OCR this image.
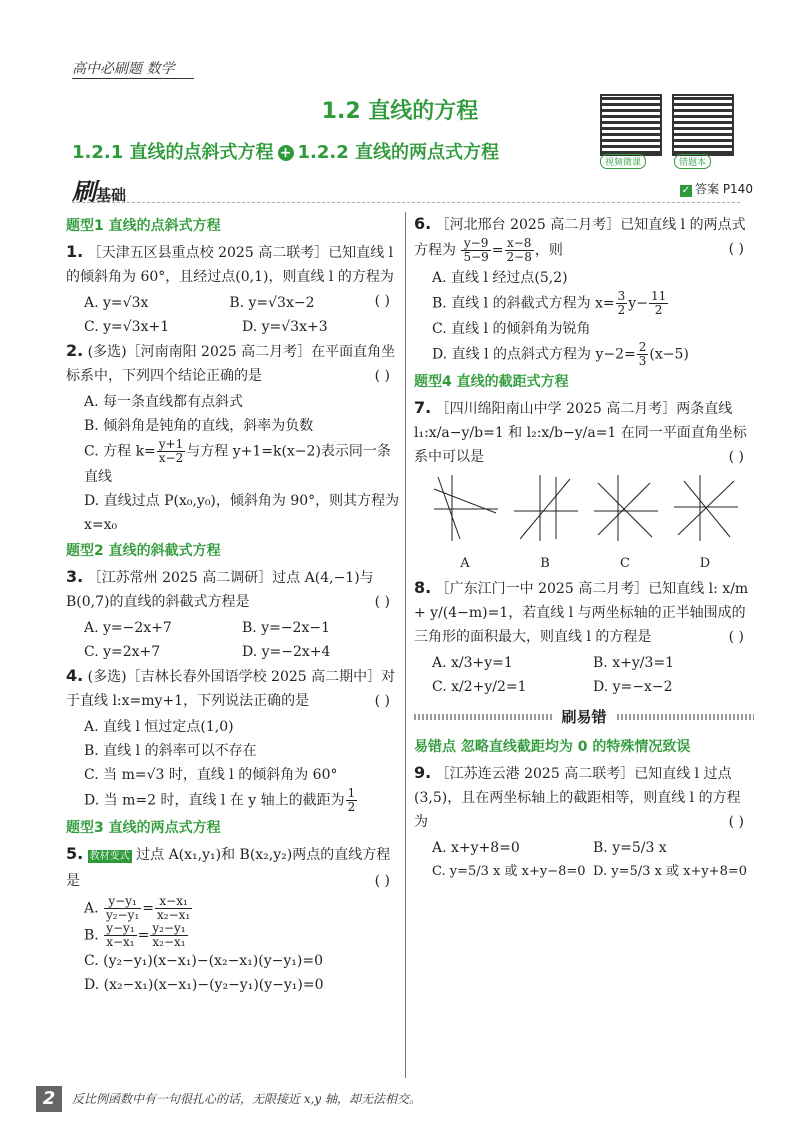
高中必刷题 数学
1.2 直线的方程
1.2.1 直线的点斜式方程 + 1.2.2 直线的两点式方程	视频微课	错题本
刷基础	✓ 答案 P140
题型1 直线的点斜式方程
1. ［天津五区县重点校 2025 高二联考］已知直线 l 的倾斜角为 60°，且经过点(0,1)，则直线 l 的方程为
( )
A. y=√3x	B. y=√3x−2
C. y=√3x+1	D. y=√3x+3
2. (多选)［河南南阳 2025 高二月考］在平面直角坐标系中，下列四个结论正确的是	( )
A. 每一条直线都有点斜式
B. 倾斜角是钝角的直线，斜率为负数
C. 方程 $k= \frac{y+1}{x-2}$ 与方程 y+1=k(x−2)表示同一条直线
D. 直线过点 P(x₀,y₀)，倾斜角为 90°，则其方程为 x=x₀
题型2 直线的斜截式方程
3. ［江苏常州 2025 高二调研］过点 A(4,−1)与 B(0,7)的直线的斜截式方程是	( )
A. y=−2x+7	B. y=−2x−1
C. y=2x+7	D. y=−2x+4
4. (多选)［吉林长春外国语学校 2025 高二期中］对于直线 l:x=my+1，下列说法正确的是	( )
A. 直线 l 恒过定点(1,0)
B. 直线 l 的斜率可以不存在
C. 当 m=√3 时，直线 l 的倾斜角为 60°
D. 当 m=2 时，直线 l 在 y 轴上的截距为 $\frac{1}{2}$
题型3 直线的两点式方程
5. 教材变式 过点 A(x₁,y₁)和 B(x₂,y₂)两点的直线方程是	( )
A. $\frac{\text{y−y₁}}{\text{y₂−y₁}} = \frac{\text{x−x₁}}{\text{x₂−x₁}}$
B. $\frac{\text{y−y₁}}{\text{x−x₁}} = \frac{\text{y₂−y₁}}{\text{x₂−x₁}}$
C. (y₂−y₁)(x−x₁)−(x₂−x₁)(y−y₁)=0
D. (x₂−x₁)(x−x₁)−(y₂−y₁)(y−y₁)=0
6. ［河北邢台 2025 高二月考］已知直线 l 的两点式方程为 $\frac{y-9}{5-9} = \frac{x-8}{2-8}$ ，则	( )
A. 直线 l 经过点(5,2)
B. 直线 l 的斜截式方程为 $x= \frac{3}{2} y- \frac{11}{2}$
C. 直线 l 的倾斜角为锐角
D. 直线 l 的点斜式方程为 $y-2= \frac{2}{3} (x-5)$
题型4 直线的截距式方程
7. ［四川绵阳南山中学 2025 高二月考］两条直线 l₁:x/a−y/b=1 和 l₂:x/b−y/a=1 在同一平面直角坐标系中可以是	( )
A	B	C	D
8. ［广东江门一中 2025 高二月考］已知直线 l: x/m + y/(4−m)=1，若直线 l 与两坐标轴的正半轴围成的三角形的面积最大，则直线 l 的方程是	( )
A. x/3+y=1	B. x+y/3=1
C. x/2+y/2=1	D. y=−x−2
刷易错
易错点 忽略直线截距均为 0 的特殊情况致误
9. ［江苏连云港 2025 高二联考］已知直线 l 过点(3,5)，且在两坐标轴上的截距相等，则直线 l 的方程为	( )
A. x+y+8=0	B. y=5/3 x
C. y=5/3 x 或 x+y−8=0 D. y=5/3 x 或 x+y+8=0
2	反比例函数中有一句很扎心的话，无限接近 x,y 轴，却无法相交。
